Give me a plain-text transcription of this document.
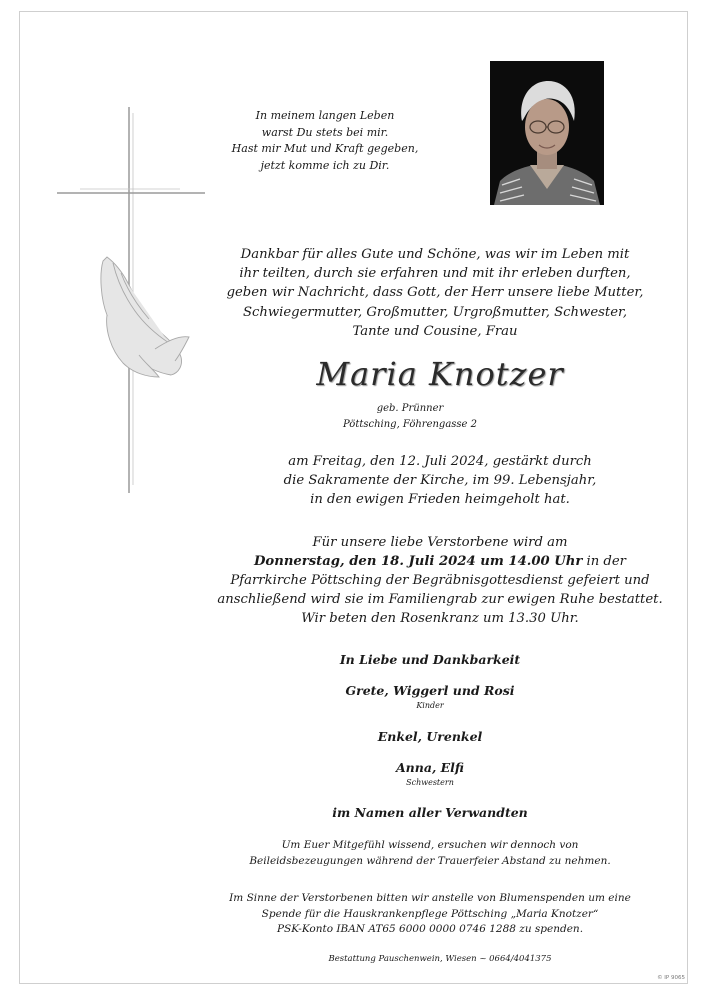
In meinem langen Leben
warst Du stets bei mir.
Hast mir Mut und Kraft gegeben,
jetzt komme ich zu Dir.
Dankbar für alles Gute und Schöne, was wir im Leben mit
ihr teilten, durch sie erfahren und mit ihr erleben durften,
geben wir Nachricht, dass Gott, der Herr unsere liebe Mutter,
Schwiegermutter, Großmutter, Urgroßmutter, Schwester,
Tante und Cousine, Frau
Maria Knotzer
geb. Prünner
Pöttsching, Föhrengasse 2
am Freitag, den 12. Juli 2024, gestärkt durch
die Sakramente der Kirche, im 99. Lebensjahr,
in den ewigen Frieden heimgeholt hat.
Für unsere liebe Verstorbene wird am
Donnerstag, den 18. Juli 2024 um 14.00 Uhr in der
Pfarrkirche Pöttsching der Begräbnisgottesdienst gefeiert und
anschließend wird sie im Familiengrab zur ewigen Ruhe bestattet.
Wir beten den Rosenkranz um 13.30 Uhr.
In Liebe und Dankbarkeit
Grete, Wiggerl und Rosi
Kinder
Enkel, Urenkel
Anna, Elfi
Schwestern
im Namen aller Verwandten
Um Euer Mitgefühl wissend, ersuchen wir dennoch von
Beileidsbezeugungen während der Trauerfeier Abstand zu nehmen.
Im Sinne der Verstorbenen bitten wir anstelle von Blumenspenden um eine
Spende für die Hauskrankenpflege Pöttsching „Maria Knotzer“
PSK-Konto IBAN AT65 6000 0000 0746 1288 zu spenden.
Bestattung Pauschenwein, Wiesen ~ 0664/4041375
© IP 9065
